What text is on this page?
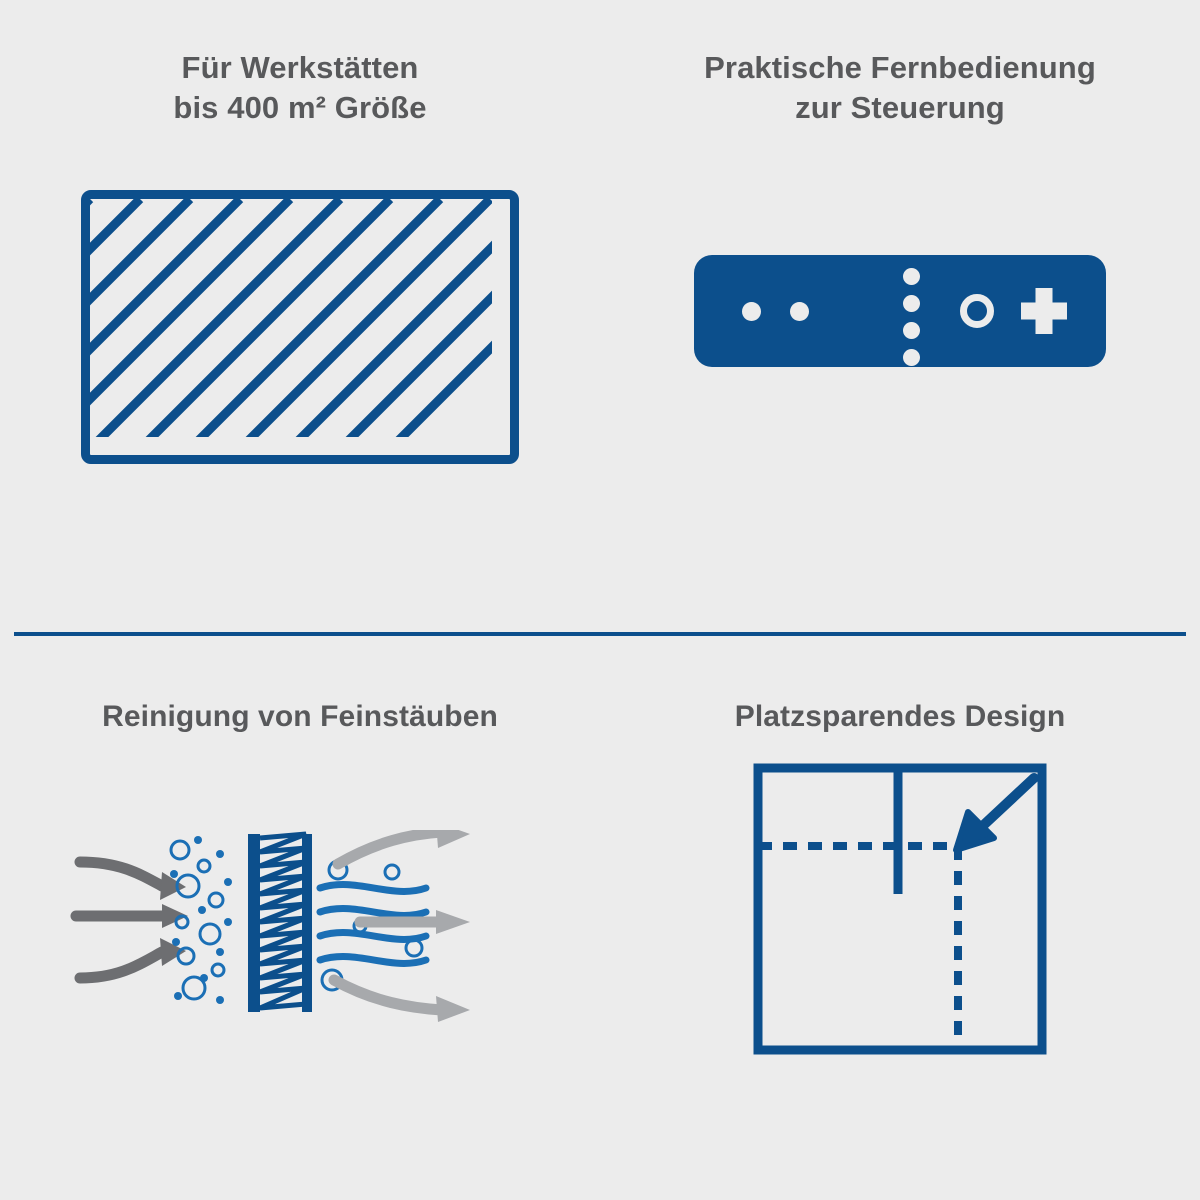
Für Werkstätten
bis 400 m² Größe
Praktische Fernbedienung
zur Steuerung
Reinigung von Feinstäuben	Platzsparendes Design
